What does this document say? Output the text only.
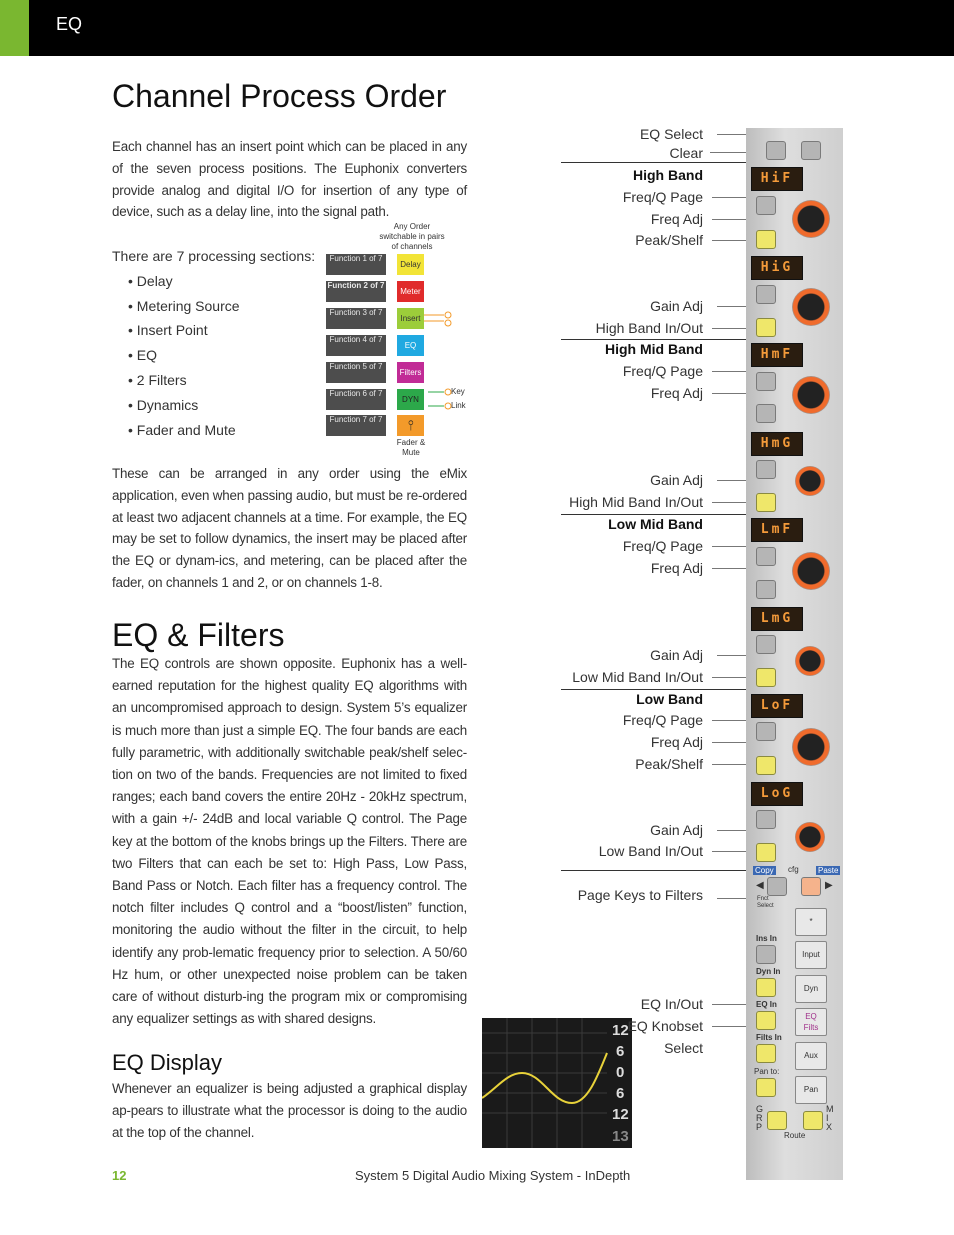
EQ
Channel Process Order
Each channel has an insert point which can be placed in any of the seven process positions. The Euphonix converters provide analog and digital I/O for insertion of any type of device, such as a delay line, into the signal path.
There are 7 processing sections:
• Delay
• Metering Source
• Insert Point
• EQ
• 2 Filters
• Dynamics
• Fader and Mute
Any Order switchable in pairs of channels
Function 1 of 7
Function 2 of 7
Function 3 of 7
Function 4 of 7
Function 5 of 7
Function 6 of 7
Function 7 of 7
Delay
Meter
Insert
EQ
Filters
DYN
⫯
Key
Link
Fader & Mute
These can be arranged in any order using the eMix application, even when passing audio, but must be re-ordered at least two adjacent channels at a time. For example, the EQ may be set to follow dynamics, the insert may be placed after the EQ or dynam-ics, and metering, can be placed after the fader, on channels 1 and 2, or on channels 1-8.
EQ & Filters
The EQ controls are shown opposite. Euphonix has a well-earned reputation for the highest quality EQ algorithms with an uncompromised approach to design. System 5’s equalizer is much more than just a simple EQ. The four bands are each fully parametric, with additionally switchable peak/shelf selec-tion on two of the bands. Frequencies are not limited to fixed ranges; each band covers the entire 20Hz - 20kHz spectrum, with a gain +/- 24dB and local variable Q control. The Page key at the bottom of the knobs brings up the Filters. There are two Filters that can each be set to: High Pass, Low Pass, Band Pass or Notch. Each filter has a frequency control. The notch filter includes Q control and a “boost/listen” function, monitoring the audio without the filter in the circuit, to help identify any prob-lematic frequency prior to selection. A 50/60 Hz hum, or other unexpected noise problem can be taken care of without disturb-ing the program mix or compromising any equalizer settings as with shared designs.
EQ Display
Whenever an equalizer is being adjusted a graphical display ap-pears to illustrate what the processor is doing to the audio at the top of the channel.
12
6
0
6
12
13
EQ Select
Clear
High Band
Freq/Q Page
Freq Adj
Peak/Shelf
Gain Adj
High Band In/Out
High Mid Band
Freq/Q Page
Freq Adj
Gain Adj
High Mid Band In/Out
Low Mid Band
Freq/Q Page
Freq Adj
Gain Adj
Low Mid Band In/Out
Low Band
Freq/Q Page
Freq Adj
Peak/Shelf
Gain Adj
Low Band In/Out
Page Keys to Filters
EQ In/Out
EQ Knobset
Select
HiF
HiG
HmF
HmG
LmF
LmG
LoF
LoG
Copy cfg Paste
◀	▶
Fnct Select
Ins In
Dyn In
EQ In
Filts In
Pan to:
*
Input
Dyn
EQ
Filts
Aux
Pan
G R P
M I X
Route
12	System 5 Digital Audio Mixing System - InDepth
